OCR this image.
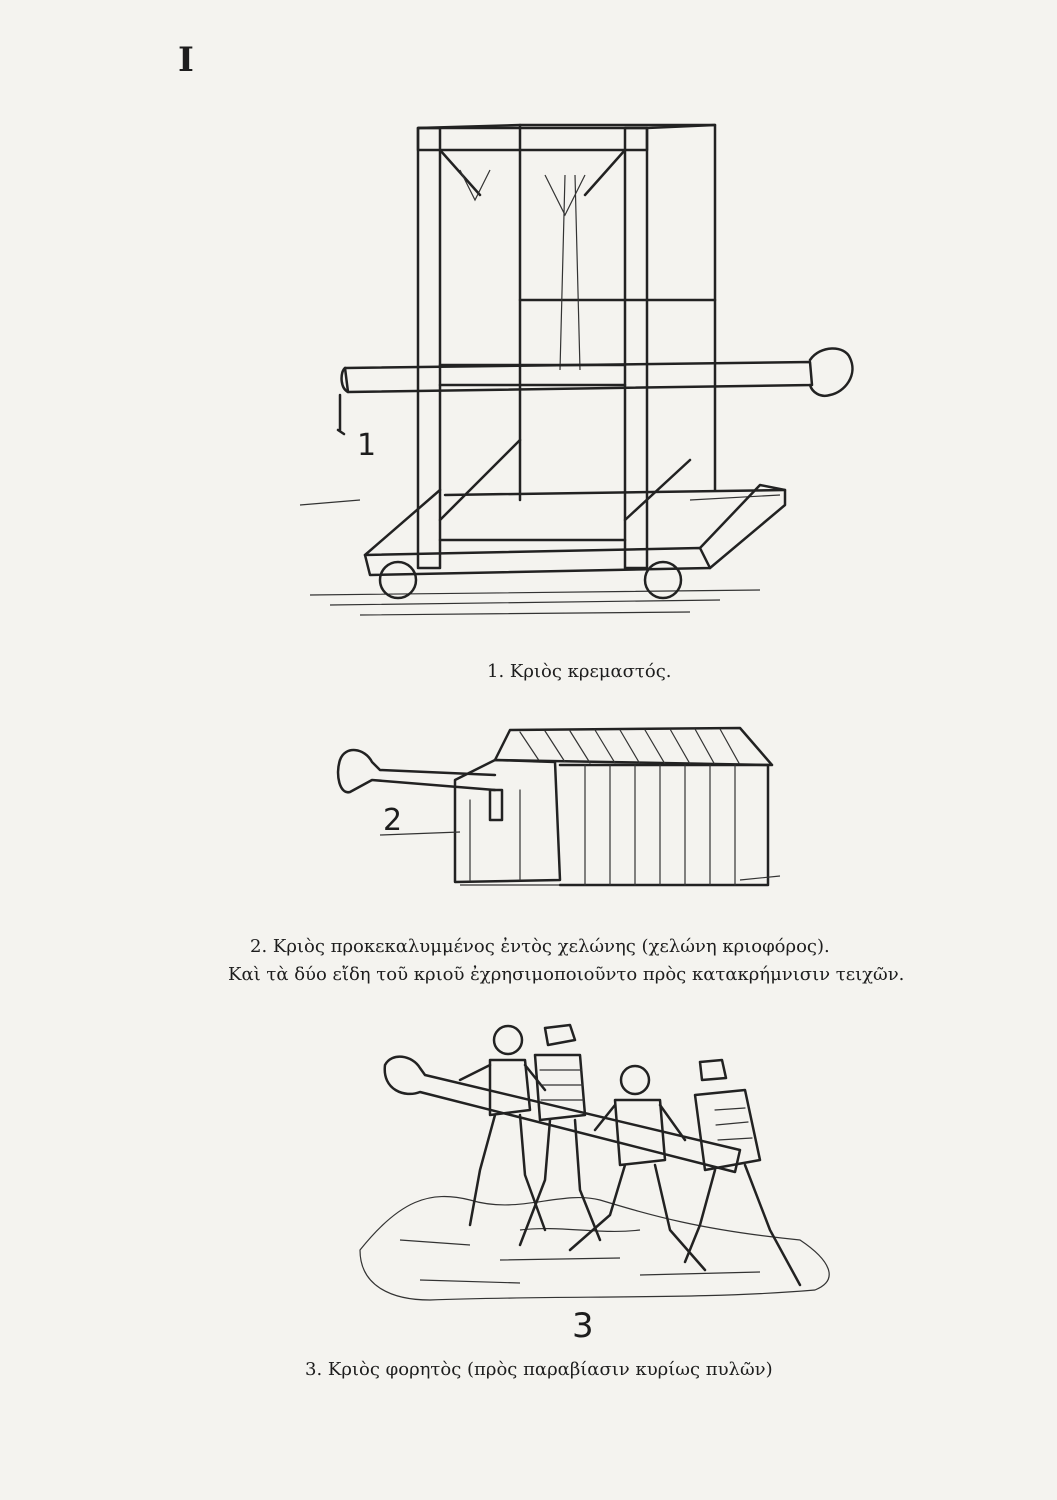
I
1
1. Κριὸς κρεμαστός.
2
2. Κριὸς προκεκαλυμμένος ἐντὸς χελώνης (χελώνη κριοφόρος).
Καὶ τὰ δύο εἴδη τοῦ κριοῦ ἐχρησιμοποιοῦντο πρὸς κατακρήμνισιν τειχῶν.
3
3. Κριὸς φορητὸς (πρὸς παραβίασιν κυρίως πυλῶν)
